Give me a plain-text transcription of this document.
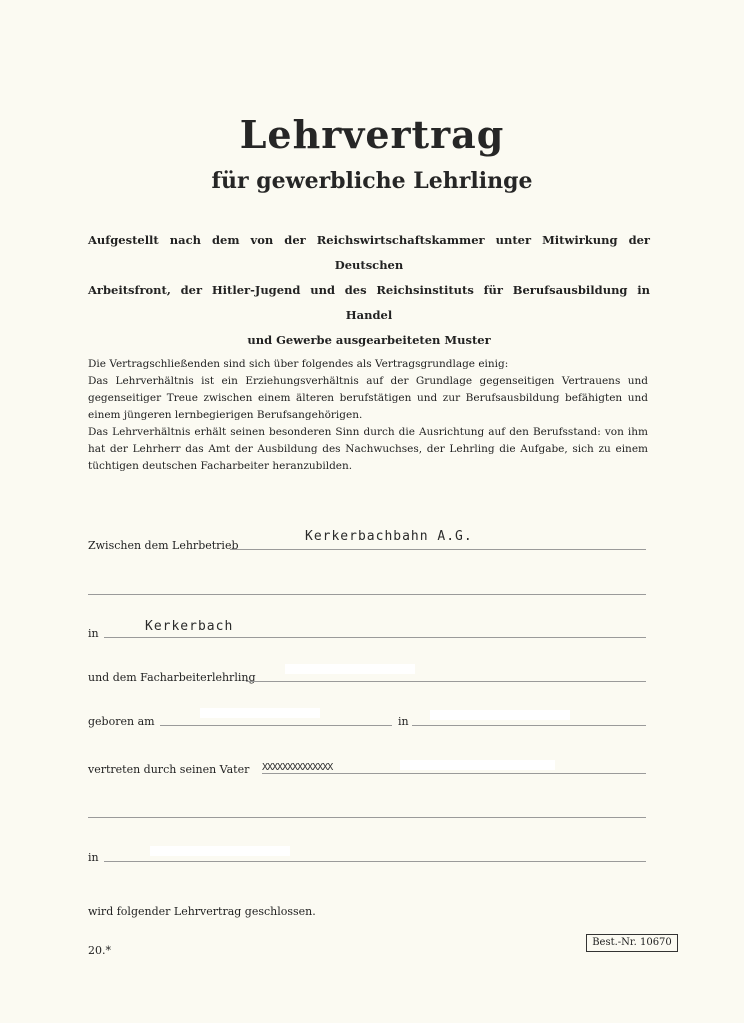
Lehrvertrag
für gewerbliche Lehrlinge
Aufgestellt nach dem von der Reichswirtschaftskammer unter Mitwirkung der Deutschen
Arbeitsfront, der Hitler-Jugend und des Reichsinstituts für Berufsausbildung in Handel
und Gewerbe ausgearbeiteten Muster

Die Vertragschließenden sind sich über folgendes als Vertragsgrundlage einig:

Das Lehrverhältnis ist ein Erziehungsverhältnis auf der Grundlage gegenseitigen Vertrauens und gegenseitiger Treue zwischen einem älteren berufstätigen und zur Berufsausbildung befähigten und einem jüngeren lernbegierigen Berufsangehörigen.

Das Lehrverhältnis erhält seinen besonderen Sinn durch die Ausrichtung auf den Berufsstand: von ihm hat der Lehrherr das Amt der Ausbildung des Nachwuchses, der Lehrling die Aufgabe, sich zu einem tüchtigen deutschen Facharbeiter heranzubilden.

Zwischen dem Lehrbetrieb
Kerkerbachbahn A.G.
in	Kerkerbach
und dem Facharbeiterlehrling
geboren am	in
vertreten durch seinen Vater XXXXXXXXXXXXXX
in
wird folgender Lehrvertrag geschlossen.
20.*
Best.-Nr. 10670
